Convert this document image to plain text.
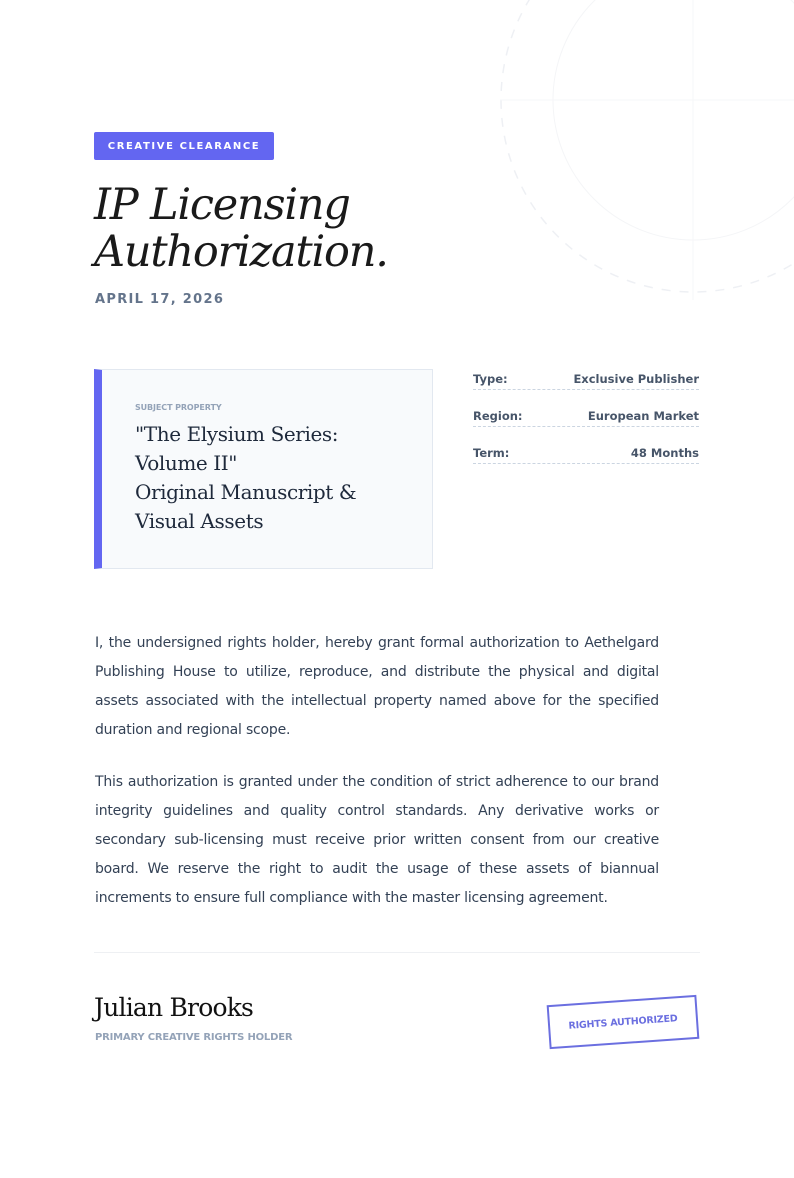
CREATIVE CLEARANCE
IP Licensing
Authorization.
APRIL 17, 2026
SUBJECT PROPERTY
"The Elysium Series:
Volume II"
Original Manuscript &
Visual Assets
Type:	Exclusive Publisher
Region:	European Market
Term:	48 Months

I, the undersigned rights holder, hereby grant formal authorization to Aethelgard Publishing House to utilize, reproduce, and distribute the physical and digital assets associated with the intellectual property named above for the specified duration and regional scope.

This authorization is granted under the condition of strict adherence to our brand integrity guidelines and quality control standards. Any derivative works or secondary sub-licensing must receive prior written consent from our creative board. We reserve the right to audit the usage of these assets of biannual increments to ensure full compliance with the master licensing agreement.

Julian Brooks
PRIMARY CREATIVE RIGHTS HOLDER
RIGHTS AUTHORIZED
